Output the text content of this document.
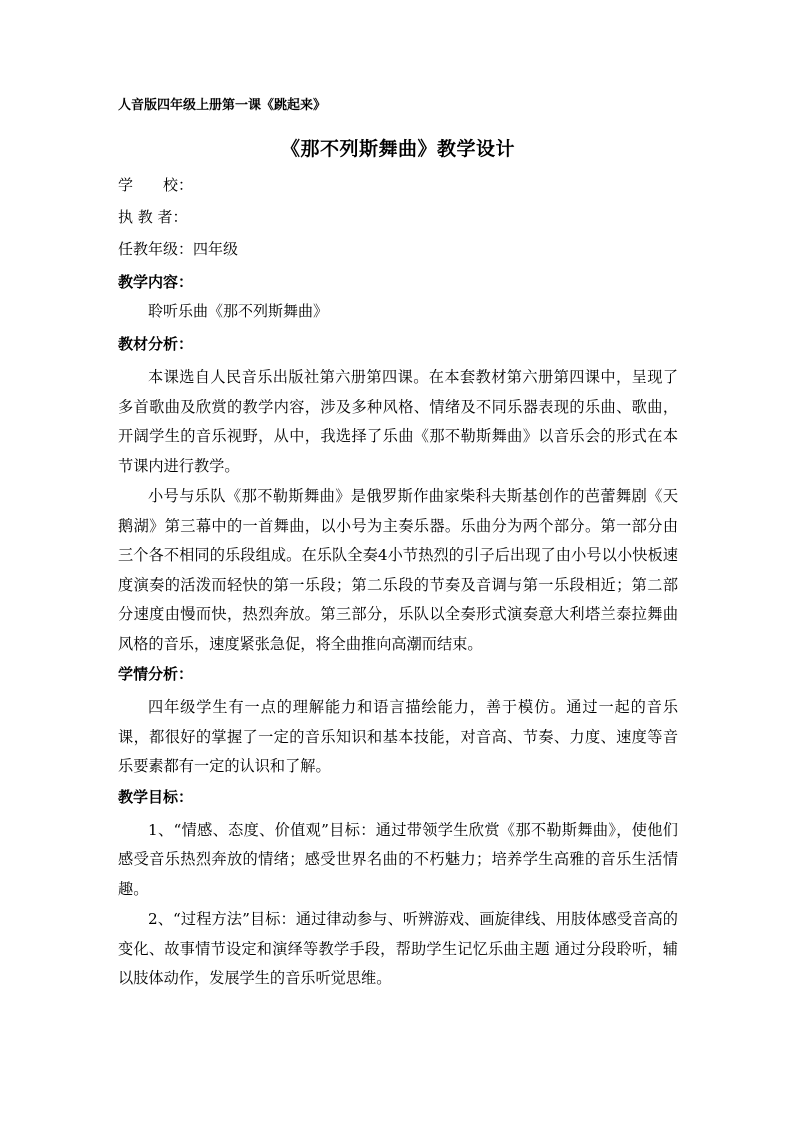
人音版四年级上册第一课《跳起来》
《那不列斯舞曲》教学设计
学　　校：
执 教 者：
任教年级： 四年级
教学内容：
聆听乐曲《那不列斯舞曲》
教材分析：

本课选自人民音乐出版社第六册第四课。在本套教材第六册第四课中，呈现了多首歌曲及欣赏的教学内容，涉及多种风格、情绪及不同乐器表现的乐曲、歌曲，开阔学生的音乐视野，从中，我选择了乐曲《那不勒斯舞曲》以音乐会的形式在本节课内进行教学。

小号与乐队《那不勒斯舞曲》是俄罗斯作曲家柴科夫斯基创作的芭蕾舞剧《天鹅湖》第三幕中的一首舞曲，以小号为主奏乐器。乐曲分为两个部分。第一部分由三个各不相同的乐段组成。在乐队全奏4小节热烈的引子后出现了由小号以小快板速度演奏的活泼而轻快的第一乐段；第二乐段的节奏及音调与第一乐段相近；第二部分速度由慢而快，热烈奔放。第三部分，乐队以全奏形式演奏意大利塔兰泰拉舞曲风格的音乐，速度紧张急促，将全曲推向高潮而结束。

学情分析：

四年级学生有一点的理解能力和语言描绘能力，善于模仿。通过一起的音乐课，都很好的掌握了一定的音乐知识和基本技能，对音高、节奏、力度、速度等音乐要素都有一定的认识和了解。

教学目标：

1、“情感、态度、价值观”目标：通过带领学生欣赏《那不勒斯舞曲》，使他们感受音乐热烈奔放的情绪；感受世界名曲的不朽魅力；培养学生高雅的音乐生活情趣。

2、“过程方法”目标：通过律动参与、听辨游戏、画旋律线、用肢体感受音高的变化、故事情节设定和演绎等教学手段，帮助学生记忆乐曲主题 通过分段聆听，辅以肢体动作，发展学生的音乐听觉思维。
